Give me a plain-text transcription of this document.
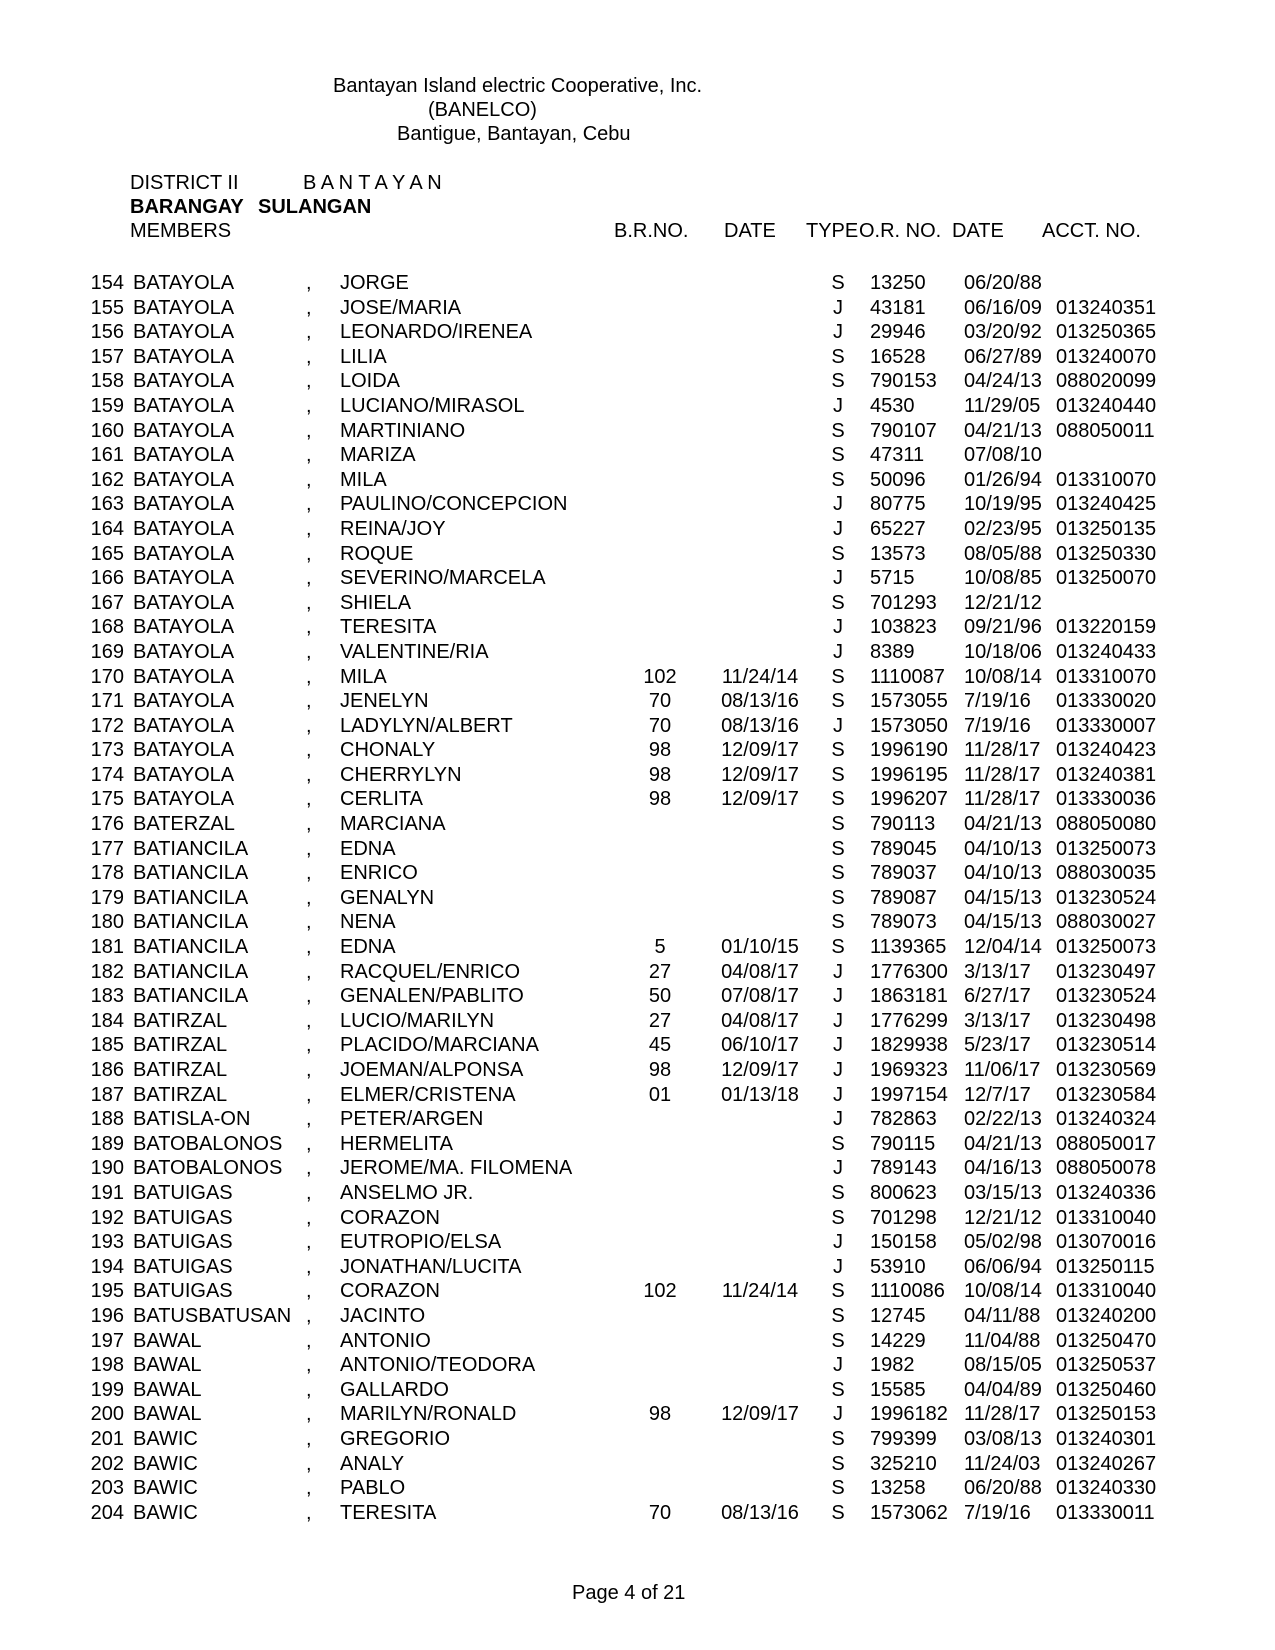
Bantayan Island electric Cooperative, Inc.
(BANELCO)
Bantigue, Bantayan, Cebu
DISTRICT II	B A N T A Y A N
BARANGAY SULANGAN
MEMBERS	B.R.NO. DATE TYPE O.R. NO. DATE ACCT. NO.
154 BATAYOLA	, JORGE	S 13250	06/20/88
155 BATAYOLA	, JOSE/MARIA	J 43181	06/16/09 013240351
156 BATAYOLA	, LEONARDO/IRENEA	J 29946	03/20/92 013250365
157 BATAYOLA	, LILIA	S 16528	06/27/89 013240070
158 BATAYOLA	, LOIDA	S 790153	04/24/13 088020099
159 BATAYOLA	, LUCIANO/MIRASOL	J 4530	11/29/05 013240440
160 BATAYOLA	, MARTINIANO	S 790107	04/21/13 088050011
161 BATAYOLA	, MARIZA	S 47311	07/08/10
162 BATAYOLA	, MILA	S 50096	01/26/94 013310070
163 BATAYOLA	, PAULINO/CONCEPCION	J 80775	10/19/95 013240425
164 BATAYOLA	, REINA/JOY	J 65227	02/23/95 013250135
165 BATAYOLA	, ROQUE	S 13573	08/05/88 013250330
166 BATAYOLA	, SEVERINO/MARCELA	J 5715	10/08/85 013250070
167 BATAYOLA	, SHIELA	S 701293	12/21/12
168 BATAYOLA	, TERESITA	J 103823	09/21/96 013220159
169 BATAYOLA	, VALENTINE/RIA	J 8389	10/18/06 013240433
170 BATAYOLA	, MILA	102	11/24/14	S 1110087 10/08/14 013310070
171 BATAYOLA	, JENELYN	70	08/13/16	S 1573055 7/19/16 013330020
172 BATAYOLA	, LADYLYN/ALBERT	70	08/13/16	J 1573050 7/19/16 013330007
173 BATAYOLA	, CHONALY	98	12/09/17	S 1996190 11/28/17 013240423
174 BATAYOLA	, CHERRYLYN	98	12/09/17	S 1996195 11/28/17 013240381
175 BATAYOLA	, CERLITA	98	12/09/17	S 1996207 11/28/17 013330036
176 BATERZAL	, MARCIANA	S 790113	04/21/13 088050080
177 BATIANCILA	, EDNA	S 789045	04/10/13 013250073
178 BATIANCILA	, ENRICO	S 789037	04/10/13 088030035
179 BATIANCILA	, GENALYN	S 789087	04/15/13 013230524
180 BATIANCILA	, NENA	S 789073	04/15/13 088030027
181 BATIANCILA	, EDNA	5	01/10/15	S 1139365 12/04/14 013250073
182 BATIANCILA	, RACQUEL/ENRICO	27	04/08/17	J 1776300 3/13/17 013230497
183 BATIANCILA	, GENALEN/PABLITO	50	07/08/17	J 1863181 6/27/17 013230524
184 BATIRZAL	, LUCIO/MARILYN	27	04/08/17	J 1776299 3/13/17 013230498
185 BATIRZAL	, PLACIDO/MARCIANA	45	06/10/17	J 1829938 5/23/17 013230514
186 BATIRZAL	, JOEMAN/ALPONSA	98	12/09/17	J 1969323 11/06/17 013230569
187 BATIRZAL	, ELMER/CRISTENA	01	01/13/18	J 1997154 12/7/17 013230584
188 BATISLA-ON	, PETER/ARGEN	J 782863	02/22/13 013240324
189 BATOBALONOS , HERMELITA	S 790115	04/21/13 088050017
190 BATOBALONOS , JEROME/MA. FILOMENA	J 789143	04/16/13 088050078
191 BATUIGAS	, ANSELMO JR.	S 800623	03/15/13 013240336
192 BATUIGAS	, CORAZON	S 701298	12/21/12 013310040
193 BATUIGAS	, EUTROPIO/ELSA	J 150158	05/02/98 013070016
194 BATUIGAS	, JONATHAN/LUCITA	J 53910	06/06/94 013250115
195 BATUIGAS	, CORAZON	102	11/24/14	S 1110086 10/08/14 013310040
196 BATUSBATUSAN , JACINTO	S 12745	04/11/88 013240200
197 BAWAL	, ANTONIO	S 14229	11/04/88 013250470
198 BAWAL	, ANTONIO/TEODORA	J 1982	08/15/05 013250537
199 BAWAL	, GALLARDO	S 15585	04/04/89 013250460
200 BAWAL	, MARILYN/RONALD	98	12/09/17	J 1996182 11/28/17 013250153
201 BAWIC	, GREGORIO	S 799399	03/08/13 013240301
202 BAWIC	, ANALY	S 325210	11/24/03 013240267
203 BAWIC	, PABLO	S 13258	06/20/88 013240330
204 BAWIC	, TERESITA	70	08/13/16	S 1573062 7/19/16 013330011
Page 4 of 21
